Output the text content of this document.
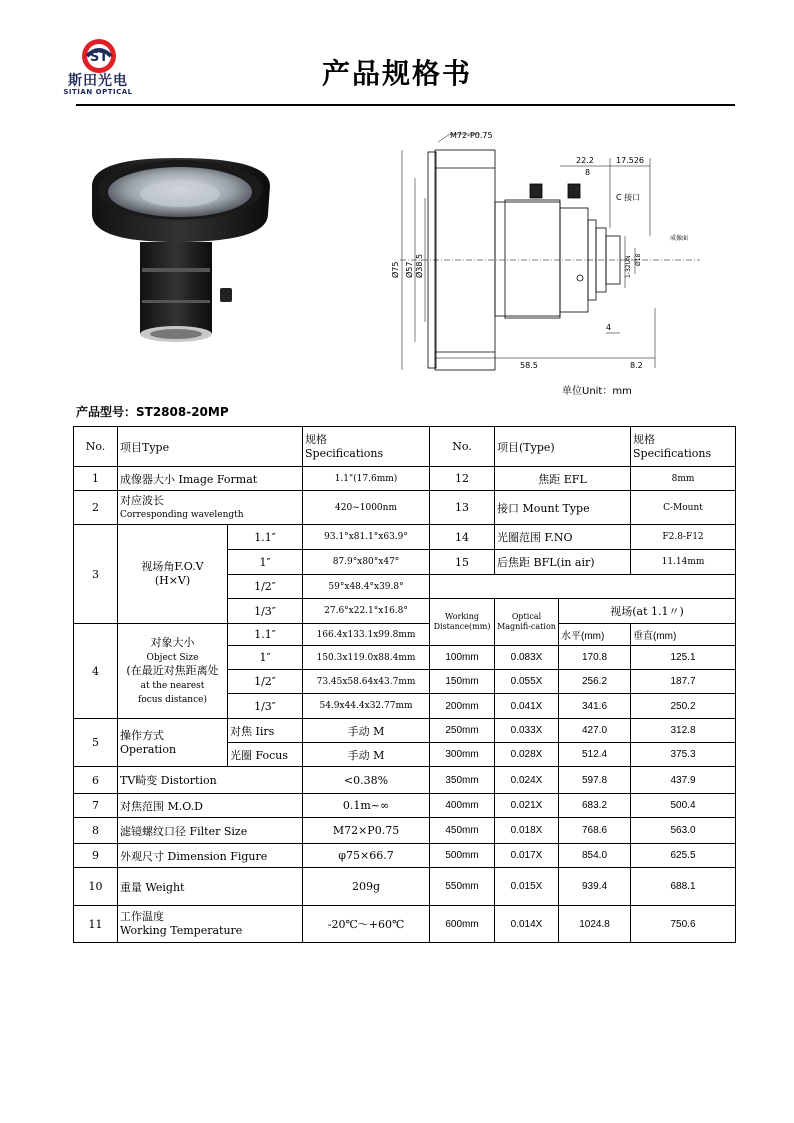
ST
斯田光电
SITIAN OPTICAL
产品规格书
M72-P0.75
22.2	17.526
8
C 接口
成像面
Ø75 Ø57 Ø38.5	1-32UN Ø18
4
58.5	8.2
单位Unit：mm
产品型号：ST2808-20MP
No.	项目Type		规格
Specifications	No.	项目(Type)		规格
Specifications
1	成像器大小 Image Format		1.1"(17.6mm)	12	焦距 EFL		8mm
2	对应波长
Corresponding wavelength		420~1000nm	13	接口 Mount Type		C-Mount
3	视场角F.O.V
(H×V)	1.1″	93.1°x81.1°x63.9°	14	光圈范围 F.NO		F2.8-F12
		1″	87.9°x80°x47°	15	后焦距 BFL(in air)		11.14mm
		1/2″	59°x48.4°x39.8°				
		1/3″	27.6°x22.1°x16.8°	Working Distance(mm)	Optical Magnifi-cation	视场(at 1.1〃)	
4	对象大小
Object Size
(在最近对焦距离处
at the nearest
focus distance)	1.1″	166.4x133.1x99.8mm			水平(mm)	垂直(mm)
		1″	150.3x119.0x88.4mm	100mm	0.083X	170.8	125.1
		1/2″	73.45x58.64x43.7mm	150mm	0.055X	256.2	187.7
		1/3″	54.9x44.4x32.77mm	200mm	0.041X	341.6	250.2
5	操作方式
Operation	对焦 Iirs	手动 M	250mm	0.033X	427.0	312.8
		光圈 Focus	手动 M	300mm	0.028X	512.4	375.3
6	TV畸变 Distortion		<0.38%	350mm	0.024X	597.8	437.9
7	对焦范围 M.O.D		0.1m~∞	400mm	0.021X	683.2	500.4
8	滤镜螺纹口径 Filter Size		M72×P0.75	450mm	0.018X	768.6	563.0
9	外观尺寸 Dimension Figure		φ75×66.7	500mm	0.017X	854.0	625.5
10	重量 Weight		209g	550mm	0.015X	939.4	688.1
11	工作温度
Working Temperature		-20℃～+60℃	600mm	0.014X	1024.8	750.6
